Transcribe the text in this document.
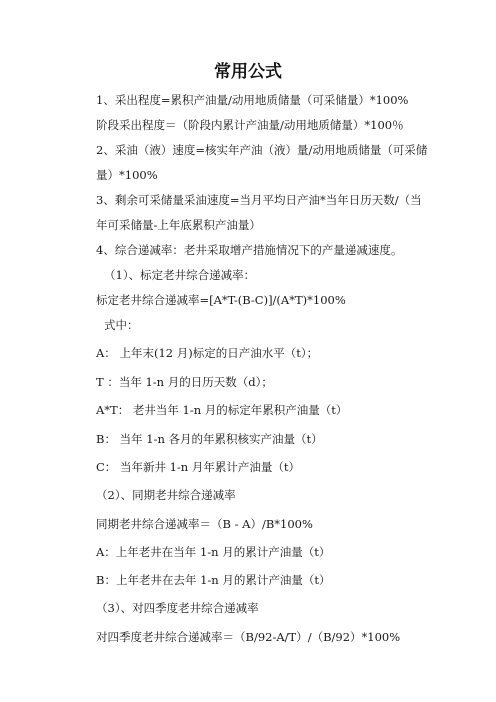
常用公式
1、采出程度=累积产油量/动用地质储量（可采储量）*100%
阶段采出程度＝（阶段内累计产油量/动用地质储量）*100％
2、采油（液）速度=核实年产油（液）量/动用地质储量（可采储量）*100%
3、剩余可采储量采油速度=当月平均日产油*当年日历天数/（当年可采储量-上年底累积产油量）
4、综合递减率：老井采取增产措施情况下的产量递减速度。
（1）、标定老井综合递减率：
标定老井综合递减率=[A*T-(B-C)]/(A*T)*100%
式中：
A： 上年末(12 月)标定的日产油水平（t）；
T ：当年 1-n 月的日历天数（d）；
A*T： 老井当年 1-n 月的标定年累积产油量（t）
B： 当年 1-n 各月的年累积核实产油量（t）
C： 当年新井 1-n 月年累计产油量（t）
（2）、同期老井综合递减率
同期老井综合递减率＝（B - A）/B*100%
A：上年老井在当年 1-n 月的累计产油量（t）
B：上年老井在去年 1-n 月的累计产油量（t）
（3）、对四季度老井综合递减率
对四季度老井综合递减率＝（B/92-A/T）/（B/92）*100%
